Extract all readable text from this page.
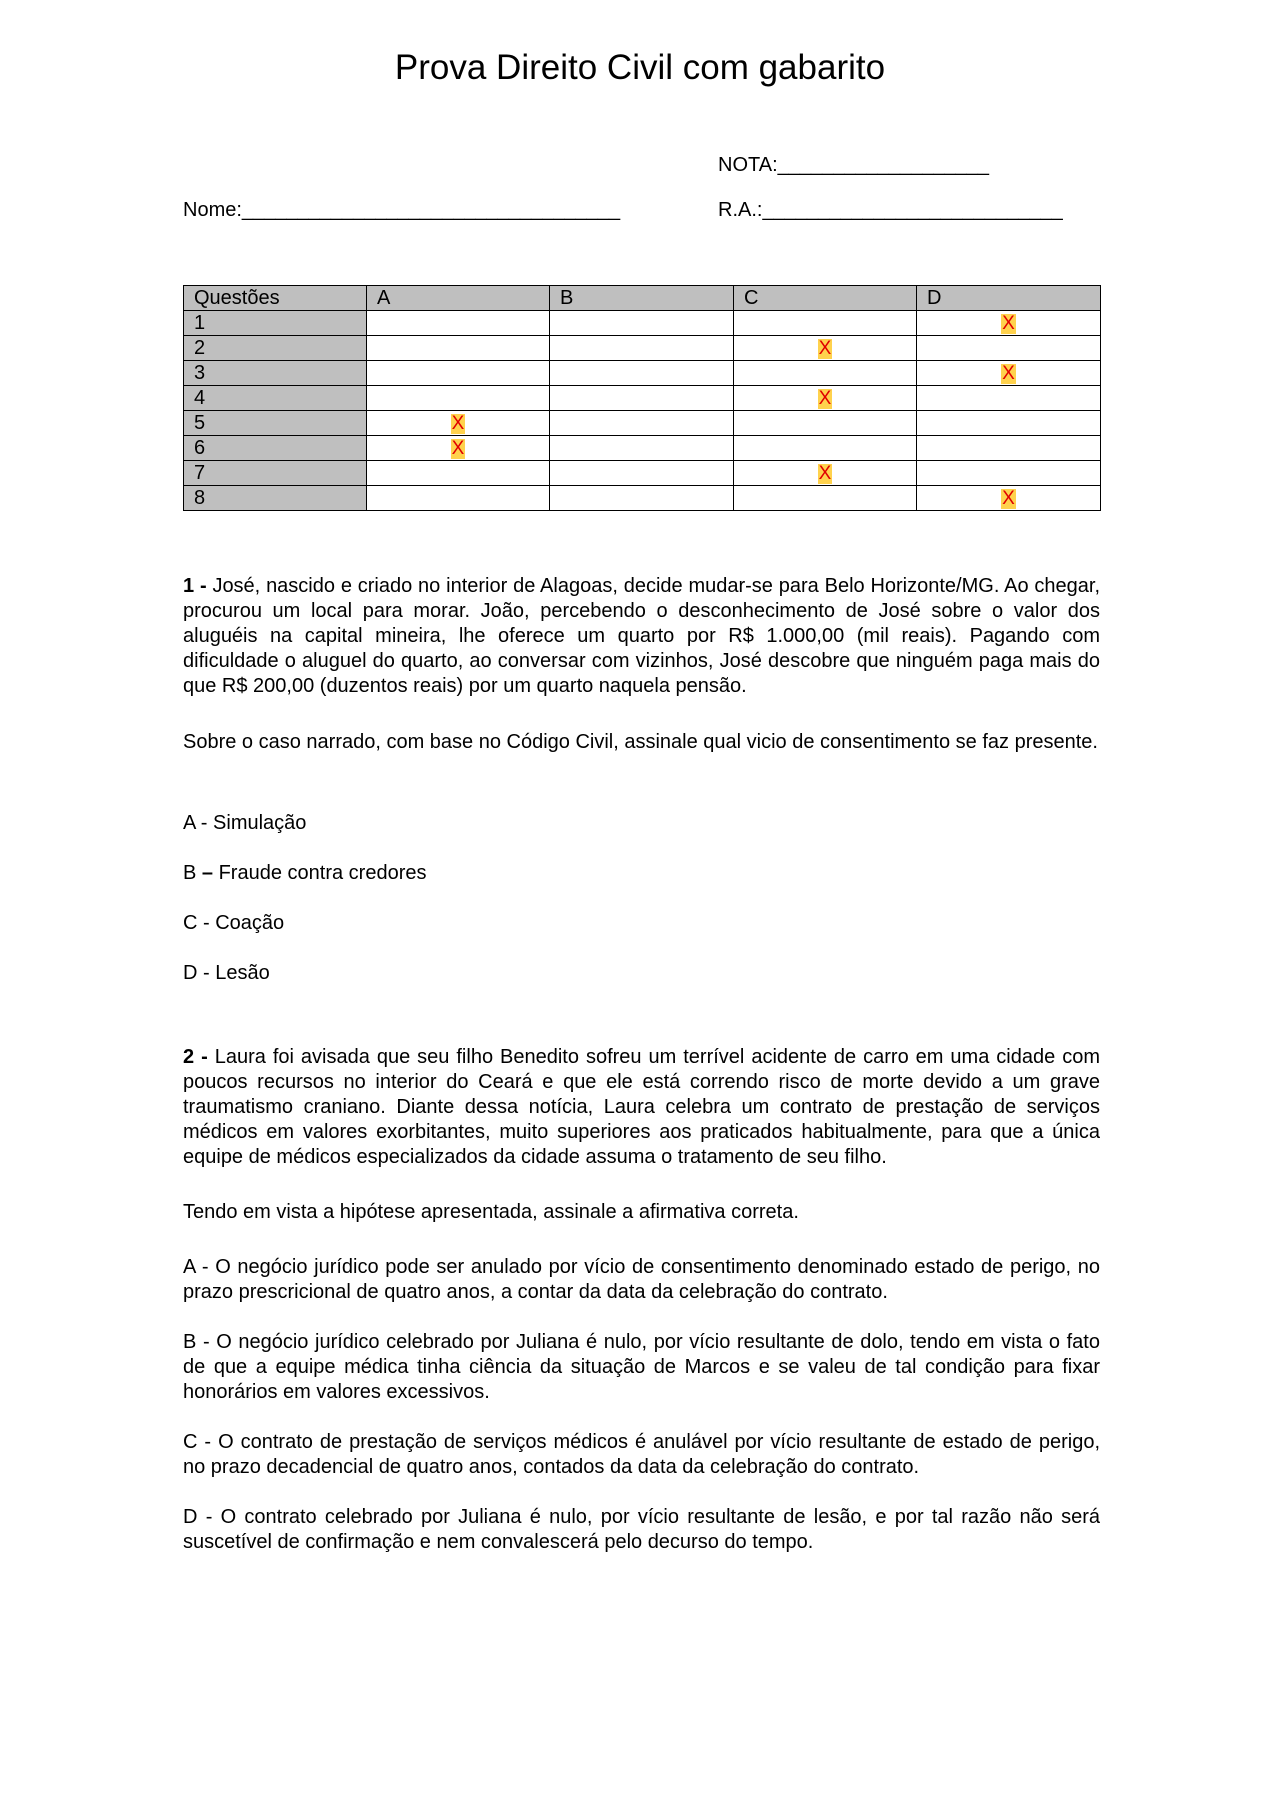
Prova Direito Civil com gabarito
NOTA:___________________
Nome:__________________________________	R.A.:___________________________
Questões	A	B	C	D
1				X
2			X	
3				X
4			X	
5	X			
6	X			
7			X	
8				X

1 - José, nascido e criado no interior de Alagoas, decide mudar-se para Belo Horizonte/MG. Ao chegar, procurou um local para morar. João, percebendo o desconhecimento de José sobre o valor dos aluguéis na capital mineira, lhe oferece um quarto por R$ 1.000,00 (mil reais). Pagando com dificuldade o aluguel do quarto, ao conversar com vizinhos, José descobre que ninguém paga mais do que R$ 200,00 (duzentos reais) por um quarto naquela pensão.

Sobre o caso narrado, com base no Código Civil, assinale qual vicio de consentimento se faz presente.

A - Simulação

B – Fraude contra credores

C - Coação

D - Lesão

2 - Laura foi avisada que seu filho Benedito sofreu um terrível acidente de carro em uma cidade com poucos recursos no interior do Ceará e que ele está correndo risco de morte devido a um grave traumatismo craniano. Diante dessa notícia, Laura celebra um contrato de prestação de serviços médicos em valores exorbitantes, muito superiores aos praticados habitualmente, para que a única equipe de médicos especializados da cidade assuma o tratamento de seu filho.

Tendo em vista a hipótese apresentada, assinale a afirmativa correta.

A - O negócio jurídico pode ser anulado por vício de consentimento denominado estado de perigo, no prazo prescricional de quatro anos, a contar da data da celebração do contrato.

B - O negócio jurídico celebrado por Juliana é nulo, por vício resultante de dolo, tendo em vista o fato de que a equipe médica tinha ciência da situação de Marcos e se valeu de tal condição para fixar honorários em valores excessivos.

C - O contrato de prestação de serviços médicos é anulável por vício resultante de estado de perigo, no prazo decadencial de quatro anos, contados da data da celebração do contrato.

D - O contrato celebrado por Juliana é nulo, por vício resultante de lesão, e por tal razão não será suscetível de confirmação e nem convalescerá pelo decurso do tempo.
